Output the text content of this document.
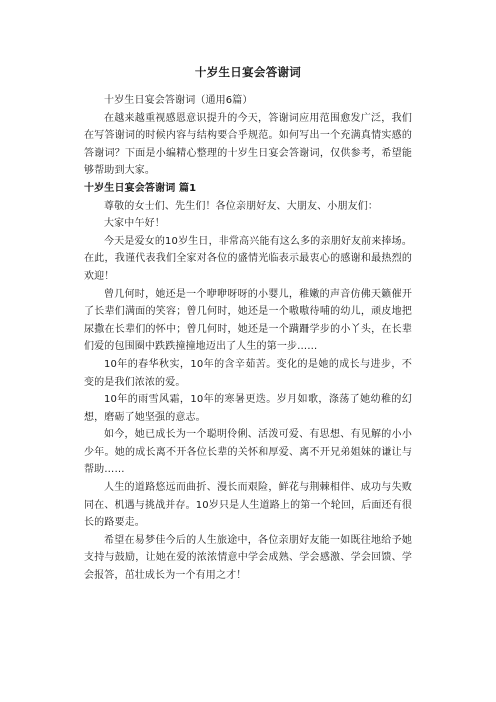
十岁生日宴会答谢词

十岁生日宴会答谢词（通用6篇）

在越来越重视感恩意识提升的今天，答谢词应用范围愈发广泛，我们在写答谢词的时候内容与结构要合乎规范。如何写出一个充满真情实感的答谢词？下面是小编精心整理的十岁生日宴会答谢词，仅供参考，希望能够帮助到大家。

十岁生日宴会答谢词 篇1

尊敬的女士们、先生们！各位亲朋好友、大朋友、小朋友们：

大家中午好！

今天是爱女的10岁生日，非常高兴能有这么多的亲朋好友前来捧场。在此，我谨代表我们全家对各位的盛情光临表示最衷心的感谢和最热烈的欢迎！

曾几何时，她还是一个咿咿呀呀的小婴儿，稚嫩的声音仿佛天籁催开了长辈们满面的笑容；曾几何时，她还是一个嗷嗷待哺的幼儿，顽皮地把尿撒在长辈们的怀中；曾几何时，她还是一个蹒跚学步的小丫头，在长辈们爱的包围圈中跌跌撞撞地迈出了人生的第一步……

10年的春华秋实，10年的含辛茹苦。变化的是她的成长与进步，不变的是我们浓浓的爱。

10年的雨雪风霜，10年的寒暑更迭。岁月如歌，涤荡了她幼稚的幻想，磨砺了她坚强的意志。

如今，她已成长为一个聪明伶俐、活泼可爱、有思想、有见解的小小少年。她的成长离不开各位长辈的关怀和厚爱、离不开兄弟姐妹的谦让与帮助……

人生的道路悠远而曲折、漫长而艰险，鲜花与荆棘相伴、成功与失败同在、机遇与挑战并存。10岁只是人生道路上的第一个轮回，后面还有很长的路要走。

希望在易梦佳今后的人生旅途中，各位亲朋好友能一如既往地给予她支持与鼓励，让她在爱的浓浓情意中学会成熟、学会感激、学会回馈、学会报答，茁壮成长为一个有用之才！
